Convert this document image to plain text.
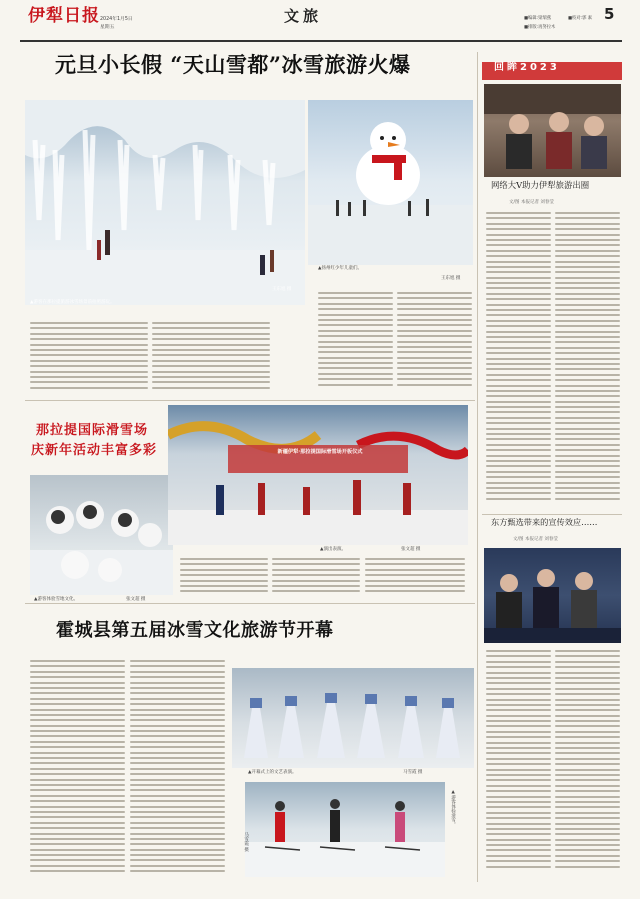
伊犁日报 2024年1月5日
星期五
文旅	■编辑:梁瑞燕	■校对:郭 素
■排版:再努拉木
5
元旦小长假 “天山雪都”冰雪旅游火爆
▲游客在那拉提旅游冰雪场景前拍照游玩。
王东旭 摄
▲扬州红少年儿童们。
王东旭 摄
那拉提国际滑雪场
庆新年活动丰富多彩
▲游客体验雪地文化。	张文超 摄
新疆伊犁·那拉提国际滑雪场开板仪式
▲演出表演。	张文超 摄
霍城县第五届冰雪文化旅游节开幕
▲开幕式上的文艺表演。	马雪霞 摄
▲游客体验滑雪。
马雪霞 摄
回眸2023
网络大V助力伊犁旅游出圈
文/图 本报记者 刘春莹
东方甄选带来的宣传效应……
文/图 本报记者 刘春莹
